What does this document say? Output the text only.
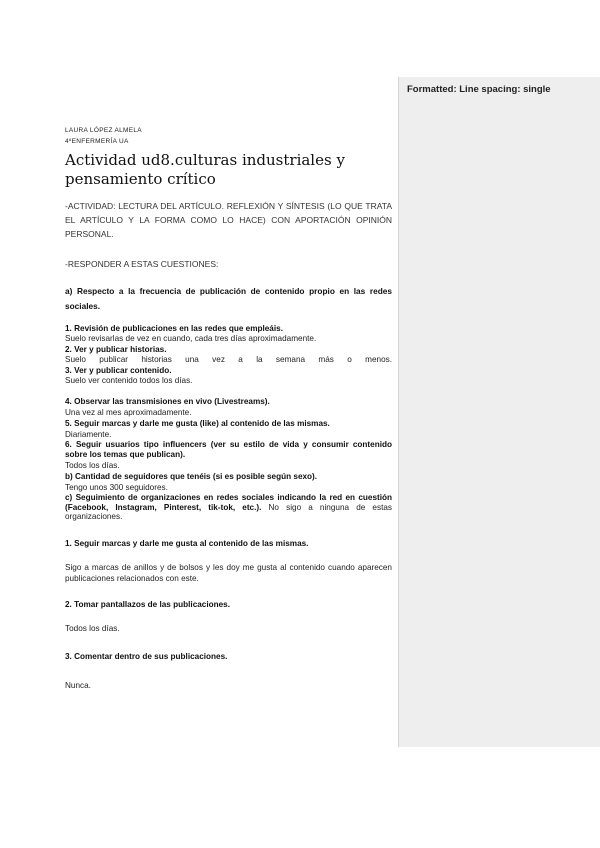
LAURA LÓPEZ ALMELA
4ºENFERMERÍA UA
Actividad ud8.culturas industriales y pensamiento crítico
-ACTIVIDAD: LECTURA DEL ARTÍCULO. REFLEXIÓN Y SÍNTESIS (LO QUE TRATA EL ARTÍCULO Y LA FORMA COMO LO HACE) CON APORTACIÓN OPINIÓN PERSONAL.
-RESPONDER A ESTAS CUESTIONES:
a) Respecto a la frecuencia de publicación de contenido propio en las redes sociales.
1. Revisión de publicaciones en las redes que empleáis.
Suelo revisarlas de vez en cuando, cada tres días aproximadamente.
2. Ver y publicar historias.
Suelo publicar historias una vez a la semana más o menos.
3. Ver y publicar contenido.
Suelo ver contenido todos los días.
4. Observar las transmisiones en vivo (Livestreams).
Una vez al mes aproximadamente.
5. Seguir marcas y darle me gusta (like) al contenido de las mismas.
Diariamente.
6. Seguir usuarios tipo influencers (ver su estilo de vida y consumir contenido sobre los temas que publican).
Todos los días.
b) Cantidad de seguidores que tenéis (si es posible según sexo).
Tengo unos 300 seguidores.
c) Seguimiento de organizaciones en redes sociales indicando la red en cuestión (Facebook, Instagram, Pinterest, tik-tok, etc.). No sigo a ninguna de estas organizaciones.
1. Seguir marcas y darle me gusta al contenido de las mismas.
Sigo a marcas de anillos y de bolsos y les doy me gusta al contenido cuando aparecen publicaciones relacionados con este.
2. Tomar pantallazos de las publicaciones.
Todos los días.
3. Comentar dentro de sus publicaciones.
Nunca.
Formatted: Line spacing: single
